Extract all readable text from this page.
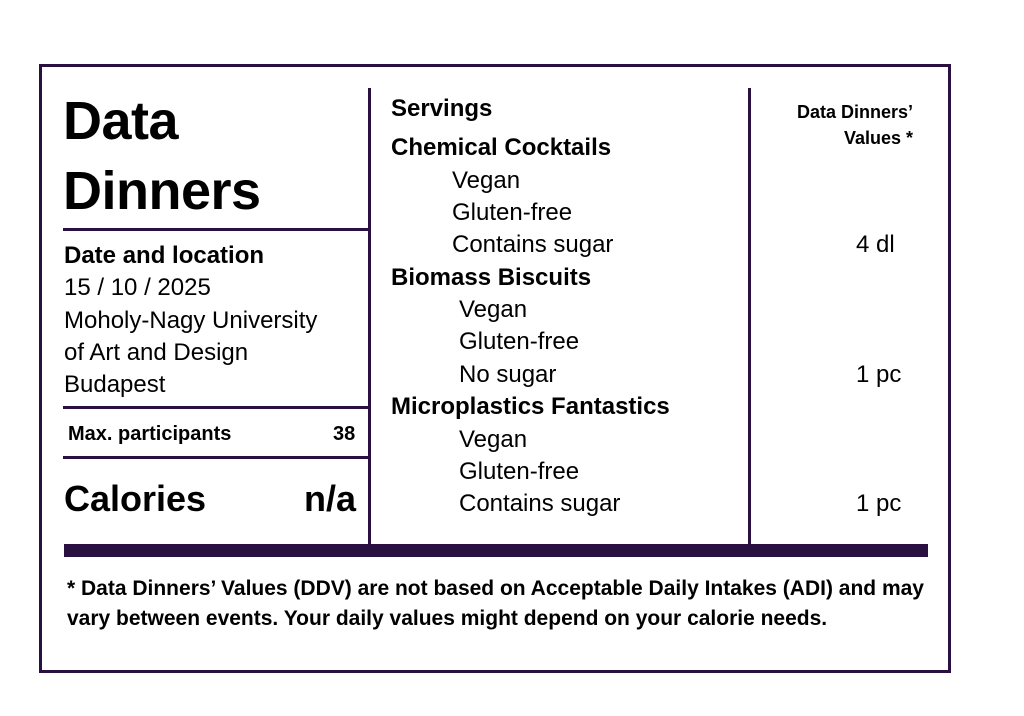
Data
Dinners
Date and location
15 / 10 / 2025
Moholy-Nagy University
of Art and Design
Budapest
Max. participants	38
Calories	n/a
Servings	Data Dinners’
Values *
Chemical Cocktails
Vegan
Gluten-free
Contains sugar	4 dl
Biomass Biscuits
Vegan
Gluten-free
No sugar	1 pc
Microplastics Fantastics
Vegan
Gluten-free
Contains sugar	1 pc
* Data Dinners’ Values (DDV) are not based on Acceptable Daily Intakes (ADI) and may vary between events. Your daily values might depend on your calorie needs.
